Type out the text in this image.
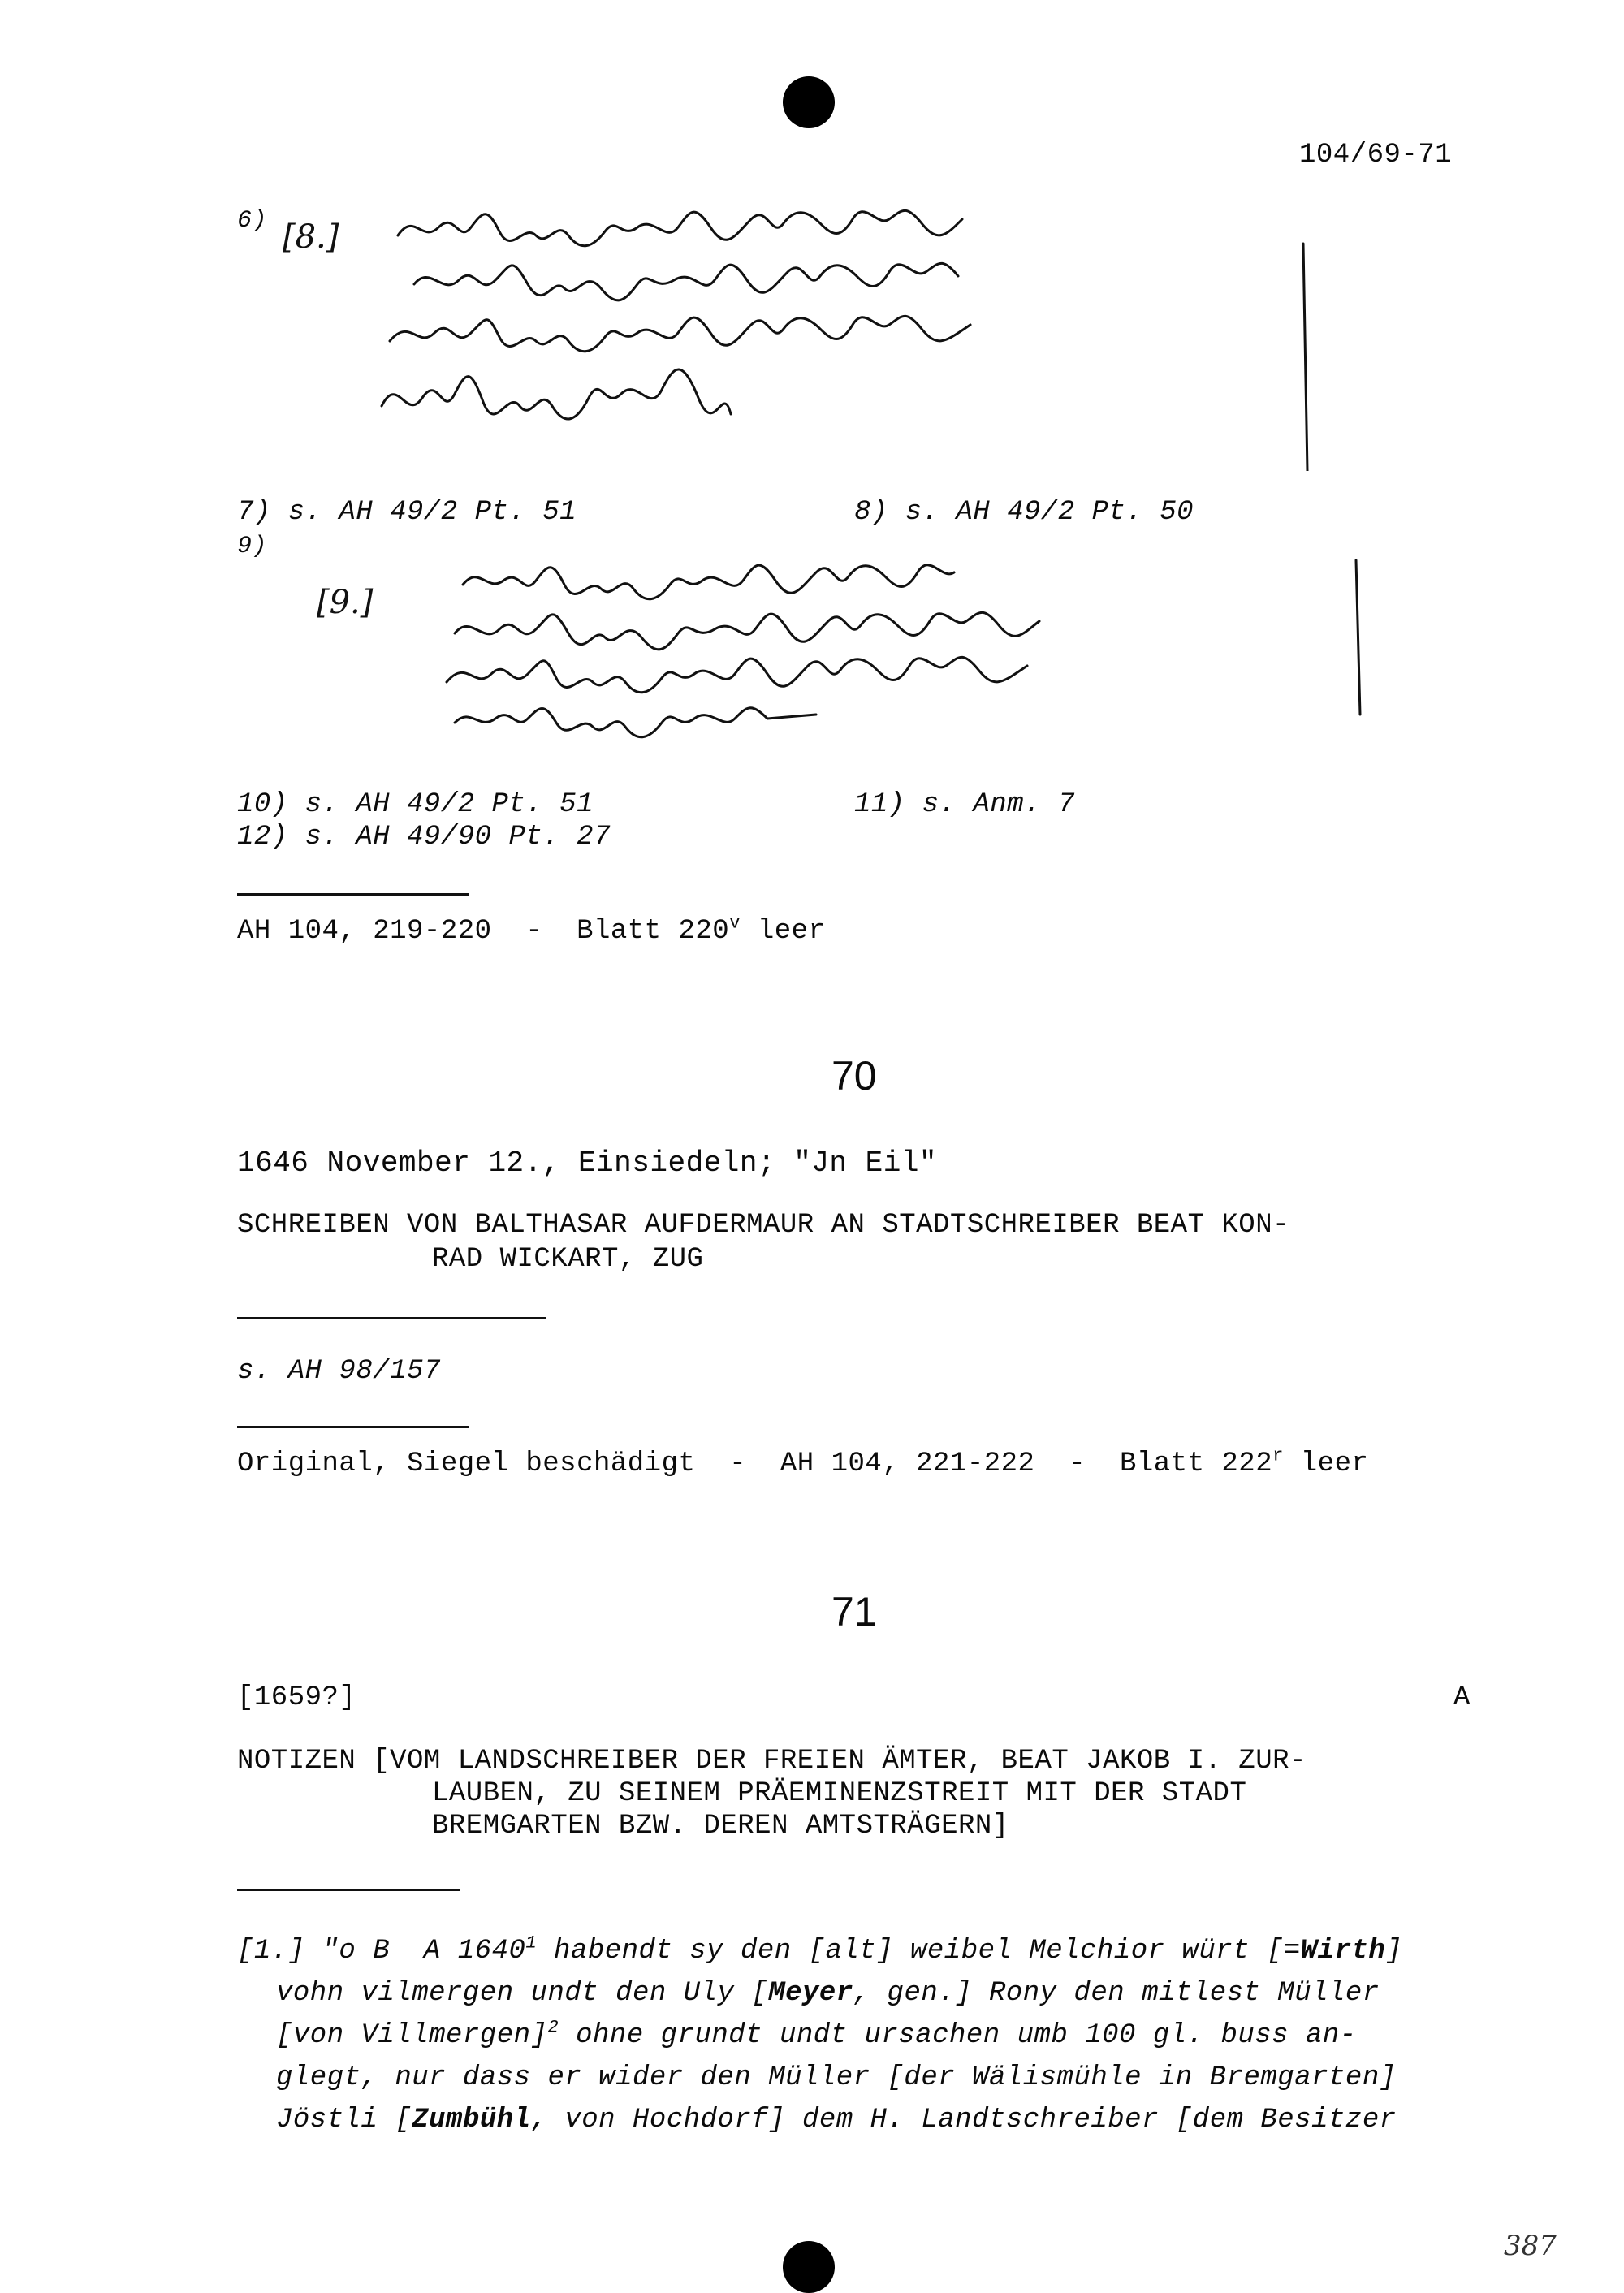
104/69-71
6) [8.]
7) s. AH 49/2 Pt. 51	8) s. AH 49/2 Pt. 50
9)
[9.]
10) s. AH 49/2 Pt. 51	11) s. Anm. 7
12) s. AH 49/90 Pt. 27
AH 104, 219-220  -  Blatt 220$^v$ leer
70
1646 November 12., Einsiedeln; "Jn Eil"
SCHREIBEN VON BALTHASAR AUFDERMAUR AN STADTSCHREIBER BEAT KON-
RAD WICKART, ZUG
s. AH 98/157
Original, Siegel beschädigt  -  AH 104, 221-222  -  Blatt 222$^r$ leer
71
[1659?]	A
NOTIZEN [VOM LANDSCHREIBER DER FREIEN ÄMTER, BEAT JAKOB I. ZUR-
LAUBEN, ZU SEINEM PRÄEMINENZSTREIT MIT DER STADT
BREMGARTEN BZW. DEREN AMTSTRÄGERN]
[1.] "o B  A 1640$^1$ habendt sy den [alt] weibel Melchior würt [=Wirth]
vohn vilmergen undt den Uly [Meyer, gen.] Rony den mitlest Müller
[von Villmergen]$^2$ ohne grundt undt ursachen umb 100 gl. buss an-
glegt, nur dass er wider den Müller [der Wälismühle in Bremgarten]
Jöstli [Zumbühl, von Hochdorf] dem H. Landtschreiber [dem Besitzer
387
